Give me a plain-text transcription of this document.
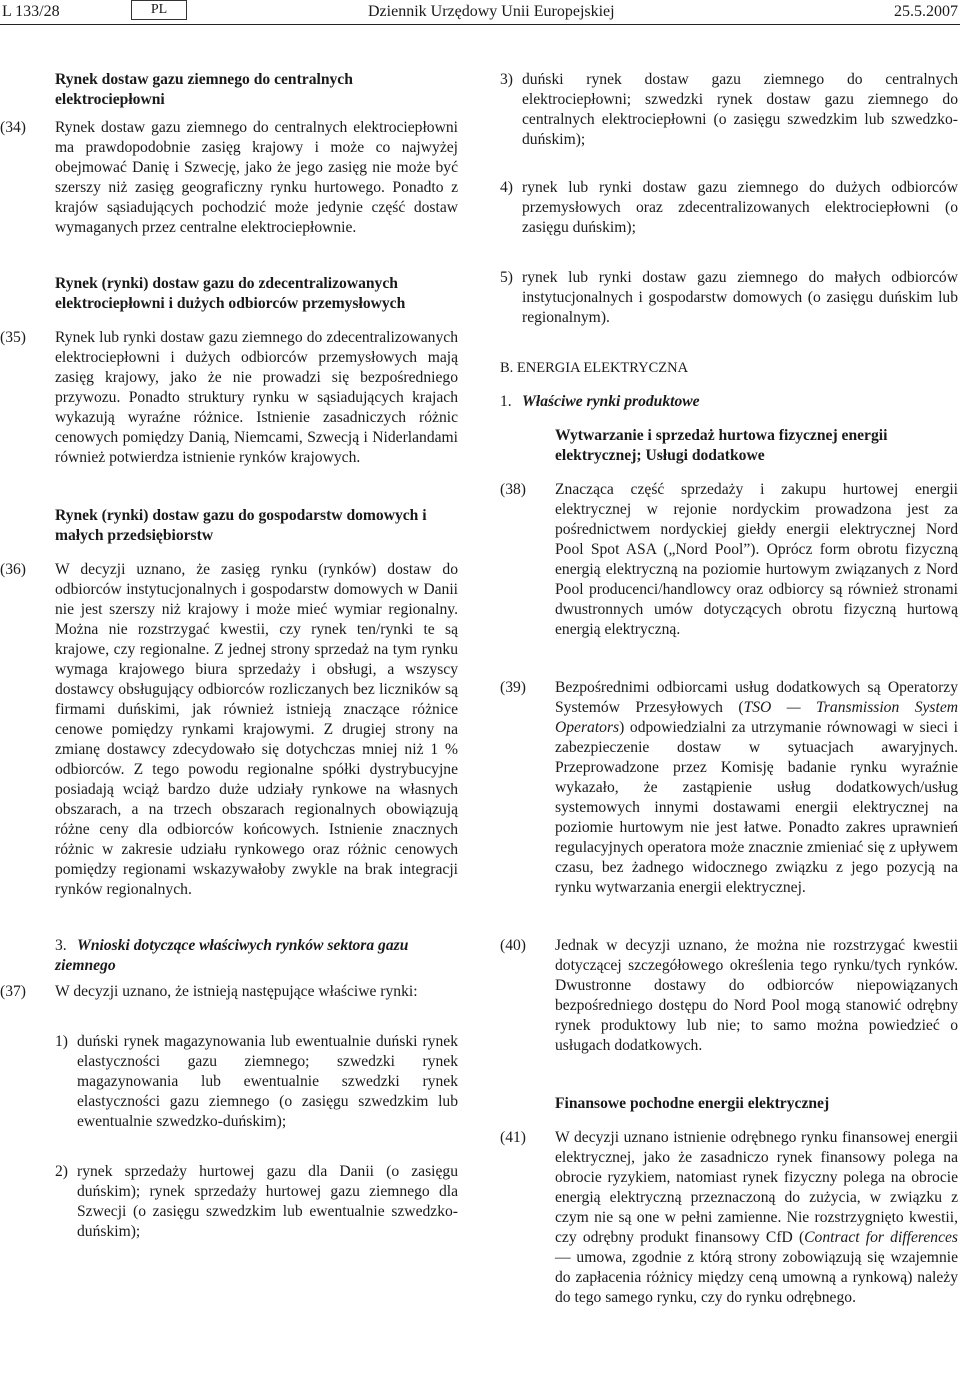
L 133/28	PL	Dziennik Urzędowy Unii Europejskiej	25.5.2007
Rynek dostaw gazu ziemnego do centralnych elektrociepłowni
(34)	Rynek dostaw gazu ziemnego do centralnych elektrociepłowni ma prawdopodobnie zasięg krajowy i może co najwyżej obejmować Danię i Szwecję, jako że jego zasięg nie może być szerszy niż zasięg geograficzny rynku hurtowego. Ponadto z krajów sąsiadujących pochodzić może jedynie część dostaw wymaganych przez centralne elektrociepłownie.
Rynek (rynki) dostaw gazu do zdecentralizowanych elektrociepłowni i dużych odbiorców przemysłowych
(35)	Rynek lub rynki dostaw gazu ziemnego do zdecentralizowanych elektrociepłowni i dużych odbiorców przemysłowych mają zasięg krajowy, jako że nie prowadzi się bezpośredniego przywozu. Ponadto struktury rynku w sąsiadujących krajach wykazują wyraźne różnice. Istnienie zasadniczych różnic cenowych pomiędzy Danią, Niemcami, Szwecją i Niderlandami również potwierdza istnienie rynków krajowych.
Rynek (rynki) dostaw gazu do gospodarstw domowych i małych przedsiębiorstw
(36)	W decyzji uznano, że zasięg rynku (rynków) dostaw do odbiorców instytucjonalnych i gospodarstw domowych w Danii nie jest szerszy niż krajowy i może mieć wymiar regionalny. Można nie rozstrzygać kwestii, czy rynek ten/rynki te są krajowe, czy regionalne. Z jednej strony sprzedaż na tym rynku wymaga krajowego biura sprzedaży i obsługi, a wszyscy dostawcy obsługujący odbiorców rozliczanych bez liczników są firmami duńskimi, jak również istnieją znaczące różnice cenowe pomiędzy rynkami krajowymi. Z drugiej strony na zmianę dostawcy zdecydowało się dotychczas mniej niż 1 % odbiorców. Z tego powodu regionalne spółki dystrybucyjne posiadają wciąż bardzo duże udziały rynkowe na własnych obszarach, a na trzech obszarach regionalnych obowiązują różne ceny dla odbiorców końcowych. Istnienie znacznych różnic w zakresie udziału rynkowego oraz różnic cenowych pomiędzy regionami wskazywałoby zwykle na brak integracji rynków regionalnych.
3. Wnioski dotyczące właściwych rynków sektora gazu ziemnego
(37)	W decyzji uznano, że istnieją następujące właściwe rynki:
1) duński rynek magazynowania lub ewentualnie duński rynek elastyczności gazu ziemnego; szwedzki rynek magazynowania lub ewentualnie szwedzki rynek elastyczności gazu ziemnego (o zasięgu szwedzkim lub ewentualnie szwedzko-duńskim);
2) rynek sprzedaży hurtowej gazu dla Danii (o zasięgu duńskim); rynek sprzedaży hurtowej gazu ziemnego dla Szwecji (o zasięgu szwedzkim lub ewentualnie szwedzko-duńskim);
3) duński rynek dostaw gazu ziemnego do centralnych elektrociepłowni; szwedzki rynek dostaw gazu ziemnego do centralnych elektrociepłowni (o zasięgu szwedzkim lub szwedzko-duńskim);
4) rynek lub rynki dostaw gazu ziemnego do dużych odbiorców przemysłowych oraz zdecentralizowanych elektrociepłowni (o zasięgu duńskim);
5) rynek lub rynki dostaw gazu ziemnego do małych odbiorców instytucjonalnych i gospodarstw domowych (o zasięgu duńskim lub regionalnym).
B. ENERGIA ELEKTRYCZNA
1. Właściwe rynki produktowe
Wytwarzanie i sprzedaż hurtowa fizycznej energii elektrycznej; Usługi dodatkowe
(38)	Znacząca część sprzedaży i zakupu hurtowej energii elektrycznej w rejonie nordyckim prowadzona jest za pośrednictwem nordyckiej giełdy energii elektrycznej Nord Pool Spot ASA („Nord Pool”). Oprócz form obrotu fizyczną energią elektryczną na poziomie hurtowym związanych z Nord Pool producenci/handlowcy oraz odbiorcy są również stronami dwustronnych umów dotyczących obrotu fizyczną hurtową energią elektryczną.
(39)	Bezpośrednimi odbiorcami usług dodatkowych są Operatorzy Systemów Przesyłowych (TSO — Transmission System Operators) odpowiedzialni za utrzymanie równowagi w sieci i zabezpieczenie dostaw w sytuacjach awaryjnych. Przeprowadzone przez Komisję badanie rynku wyraźnie wykazało, że zastąpienie usług dodatkowych/usług systemowych innymi dostawami energii elektrycznej na poziomie hurtowym nie jest łatwe. Ponadto zakres uprawnień regulacyjnych operatora może znacznie zmieniać się z upływem czasu, bez żadnego widocznego związku z jego pozycją na rynku wytwarzania energii elektrycznej.
(40)	Jednak w decyzji uznano, że można nie rozstrzygać kwestii dotyczącej szczegółowego określenia tego rynku/tych rynków. Dwustronne dostawy do odbiorców niepowiązanych bezpośredniego dostępu do Nord Pool mogą stanowić odrębny rynek produktowy lub nie; to samo można powiedzieć o usługach dodatkowych.
Finansowe pochodne energii elektrycznej
(41)	W decyzji uznano istnienie odrębnego rynku finansowej energii elektrycznej, jako że zasadniczo rynek finansowy polega na obrocie ryzykiem, natomiast rynek fizyczny polega na obrocie energią elektryczną przeznaczoną do zużycia, w związku z czym nie są one w pełni zamienne. Nie rozstrzygnięto kwestii, czy odrębny produkt finansowy CfD (Contract for differences — umowa, zgodnie z którą strony zobowiązują się wzajemnie do zapłacenia różnicy między ceną umowną a rynkową) należy do tego samego rynku, czy do rynku odrębnego.
